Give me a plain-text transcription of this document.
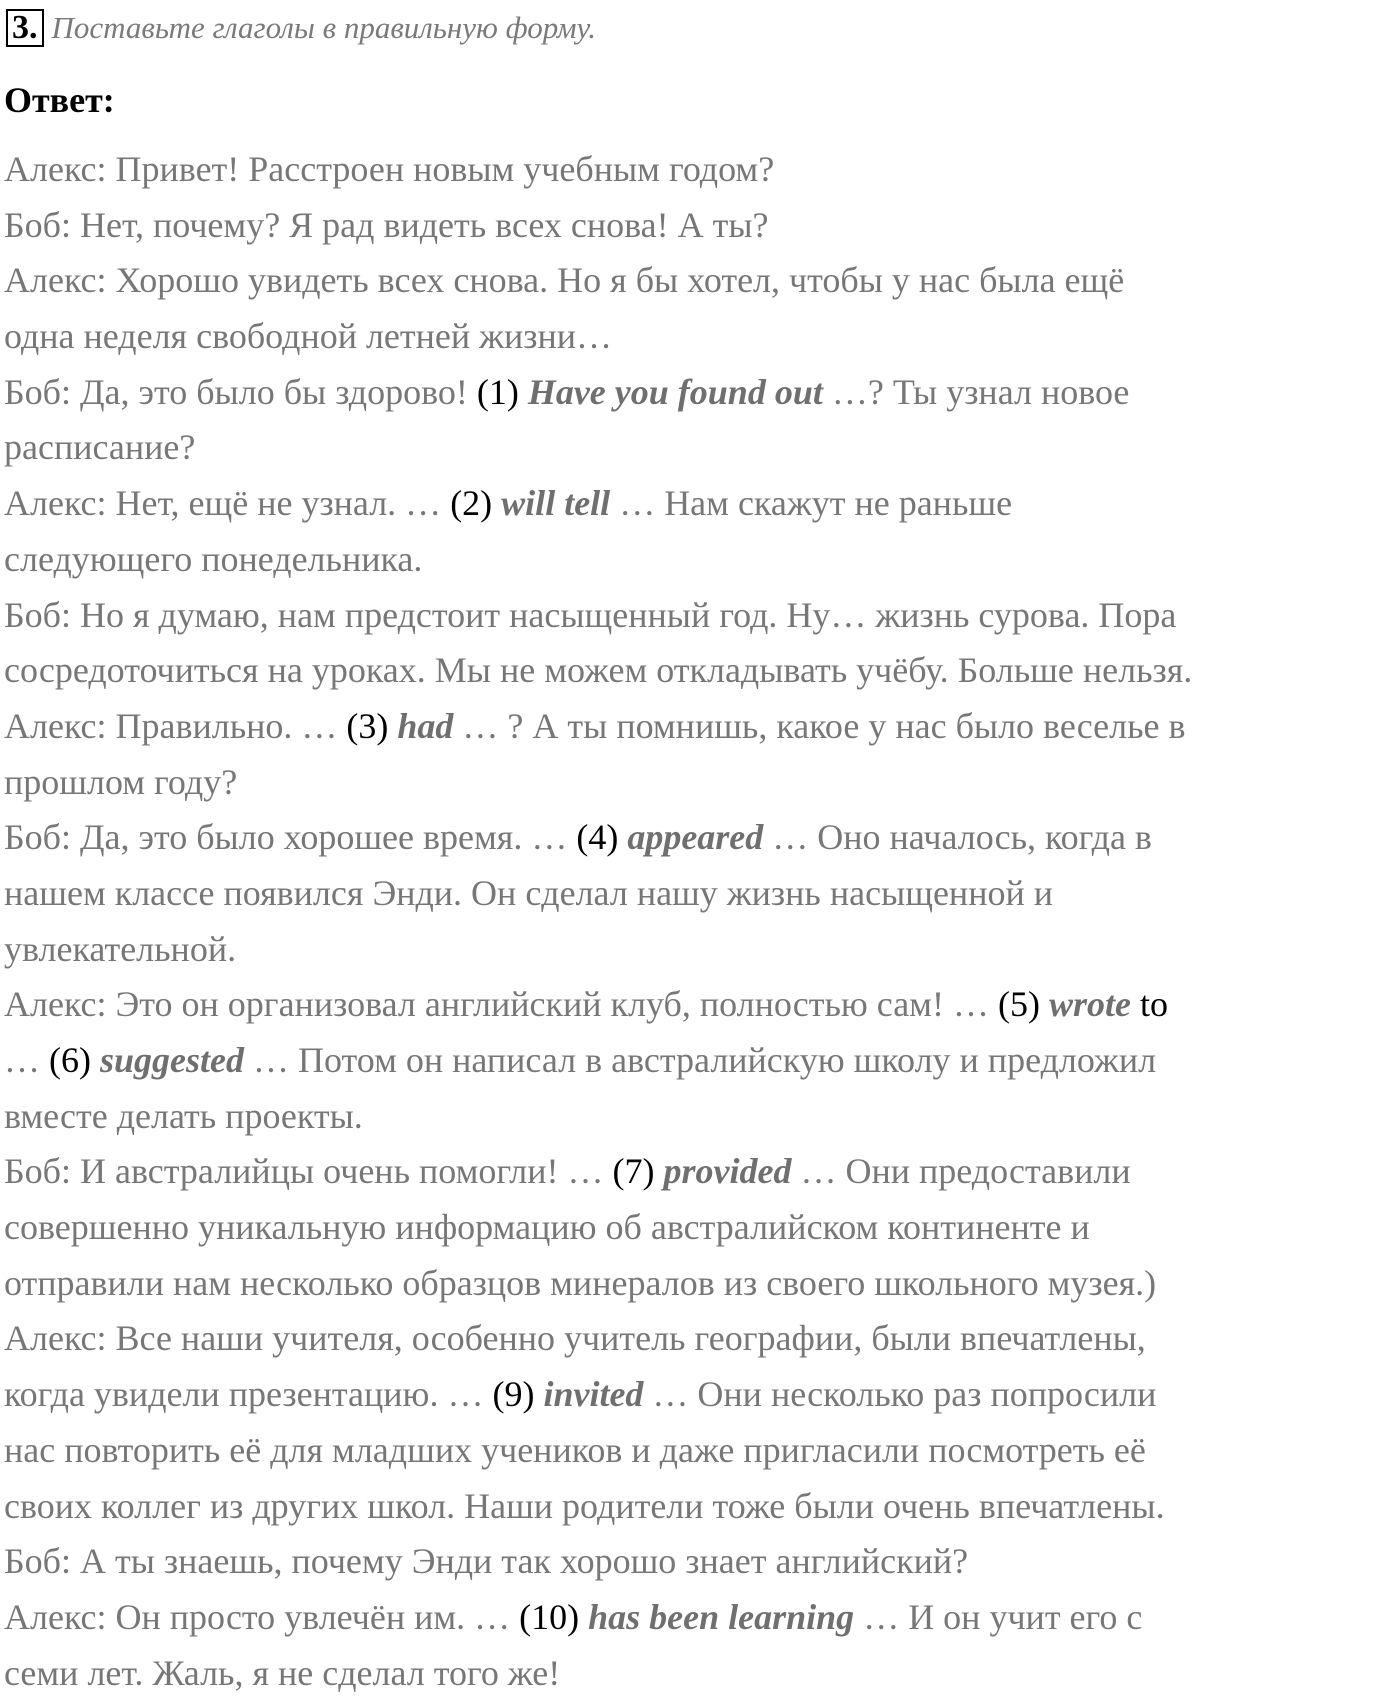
3. Поставьте глаголы в правильную форму.
Ответ:
Алекс: Привет! Расстроен новым учебным годом?
Боб: Нет, почему? Я рад видеть всех снова! А ты?
Алекс: Хорошо увидеть всех снова. Но я бы хотел, чтобы у нас была ещё
одна неделя свободной летней жизни…
Боб: Да, это было бы здорово! (1) Have you found out …? Ты узнал новое
расписание?
Алекс: Нет, ещё не узнал. … (2) will tell … Нам скажут не раньше
следующего понедельника.
Боб: Но я думаю, нам предстоит насыщенный год. Ну… жизнь сурова. Пора
сосредоточиться на уроках. Мы не можем откладывать учёбу. Больше нельзя.
Алекс: Правильно. … (3) had … ? А ты помнишь, какое у нас было веселье в
прошлом году?
Боб: Да, это было хорошее время. … (4) appeared … Оно началось, когда в
нашем классе появился Энди. Он сделал нашу жизнь насыщенной и
увлекательной.
Алекс: Это он организовал английский клуб, полностью сам! … (5) wrote to
… (6) suggested … Потом он написал в австралийскую школу и предложил
вместе делать проекты.
Боб: И австралийцы очень помогли! … (7) provided … Они предоставили
совершенно уникальную информацию об австралийском континенте и
отправили нам несколько образцов минералов из своего школьного музея.)
Алекс: Все наши учителя, особенно учитель географии, были впечатлены,
когда увидели презентацию. … (9) invited … Они несколько раз попросили
нас повторить её для младших учеников и даже пригласили посмотреть её
своих коллег из других школ. Наши родители тоже были очень впечатлены.
Боб: А ты знаешь, почему Энди так хорошо знает английский?
Алекс: Он просто увлечён им. … (10) has been learning … И он учит его с
семи лет. Жаль, я не сделал того же!
